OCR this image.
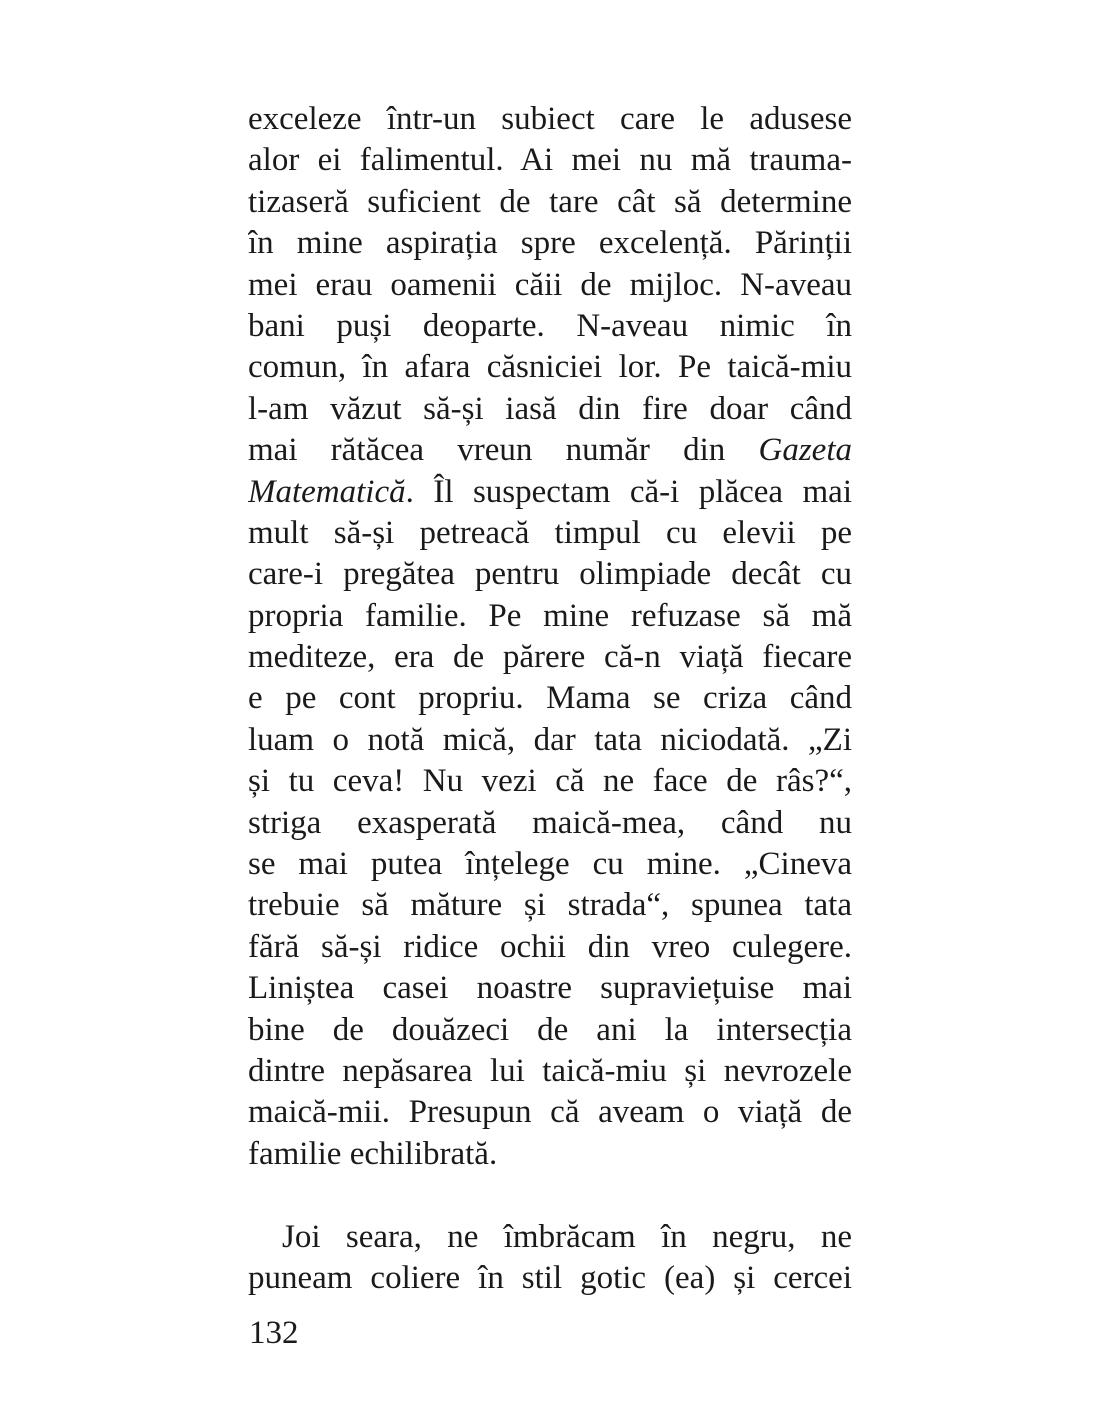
exceleze într-un subiect care le adusese
alor ei falimentul. Ai mei nu mă trauma-
tizaseră suficient de tare cât să determine
în mine aspirația spre excelență. Părinții
mei erau oamenii căii de mijloc. N-aveau
bani puși deoparte. N-aveau nimic în
comun, în afara căsniciei lor. Pe taică-miu
l-am văzut să-și iasă din fire doar când
mai rătăcea vreun număr din Gazeta
Matematică. Îl suspectam că-i plăcea mai
mult să-și petreacă timpul cu elevii pe
care-i pregătea pentru olimpiade decât cu
propria familie. Pe mine refuzase să mă
mediteze, era de părere că-n viață fiecare
e pe cont propriu. Mama se criza când
luam o notă mică, dar tata niciodată. „Zi
și tu ceva! Nu vezi că ne face de râs?“,
striga exasperată maică-mea, când nu
se mai putea înțelege cu mine. „Cineva
trebuie să măture și strada“, spunea tata
fără să-și ridice ochii din vreo culegere.
Liniștea casei noastre supraviețuise mai
bine de douăzeci de ani la intersecția
dintre nepăsarea lui taică-miu și nevrozele
maică-mii. Presupun că aveam o viață de
familie echilibrată.
Joi seara, ne îmbrăcam în negru, ne
puneam coliere în stil gotic (ea) și cercei
132
